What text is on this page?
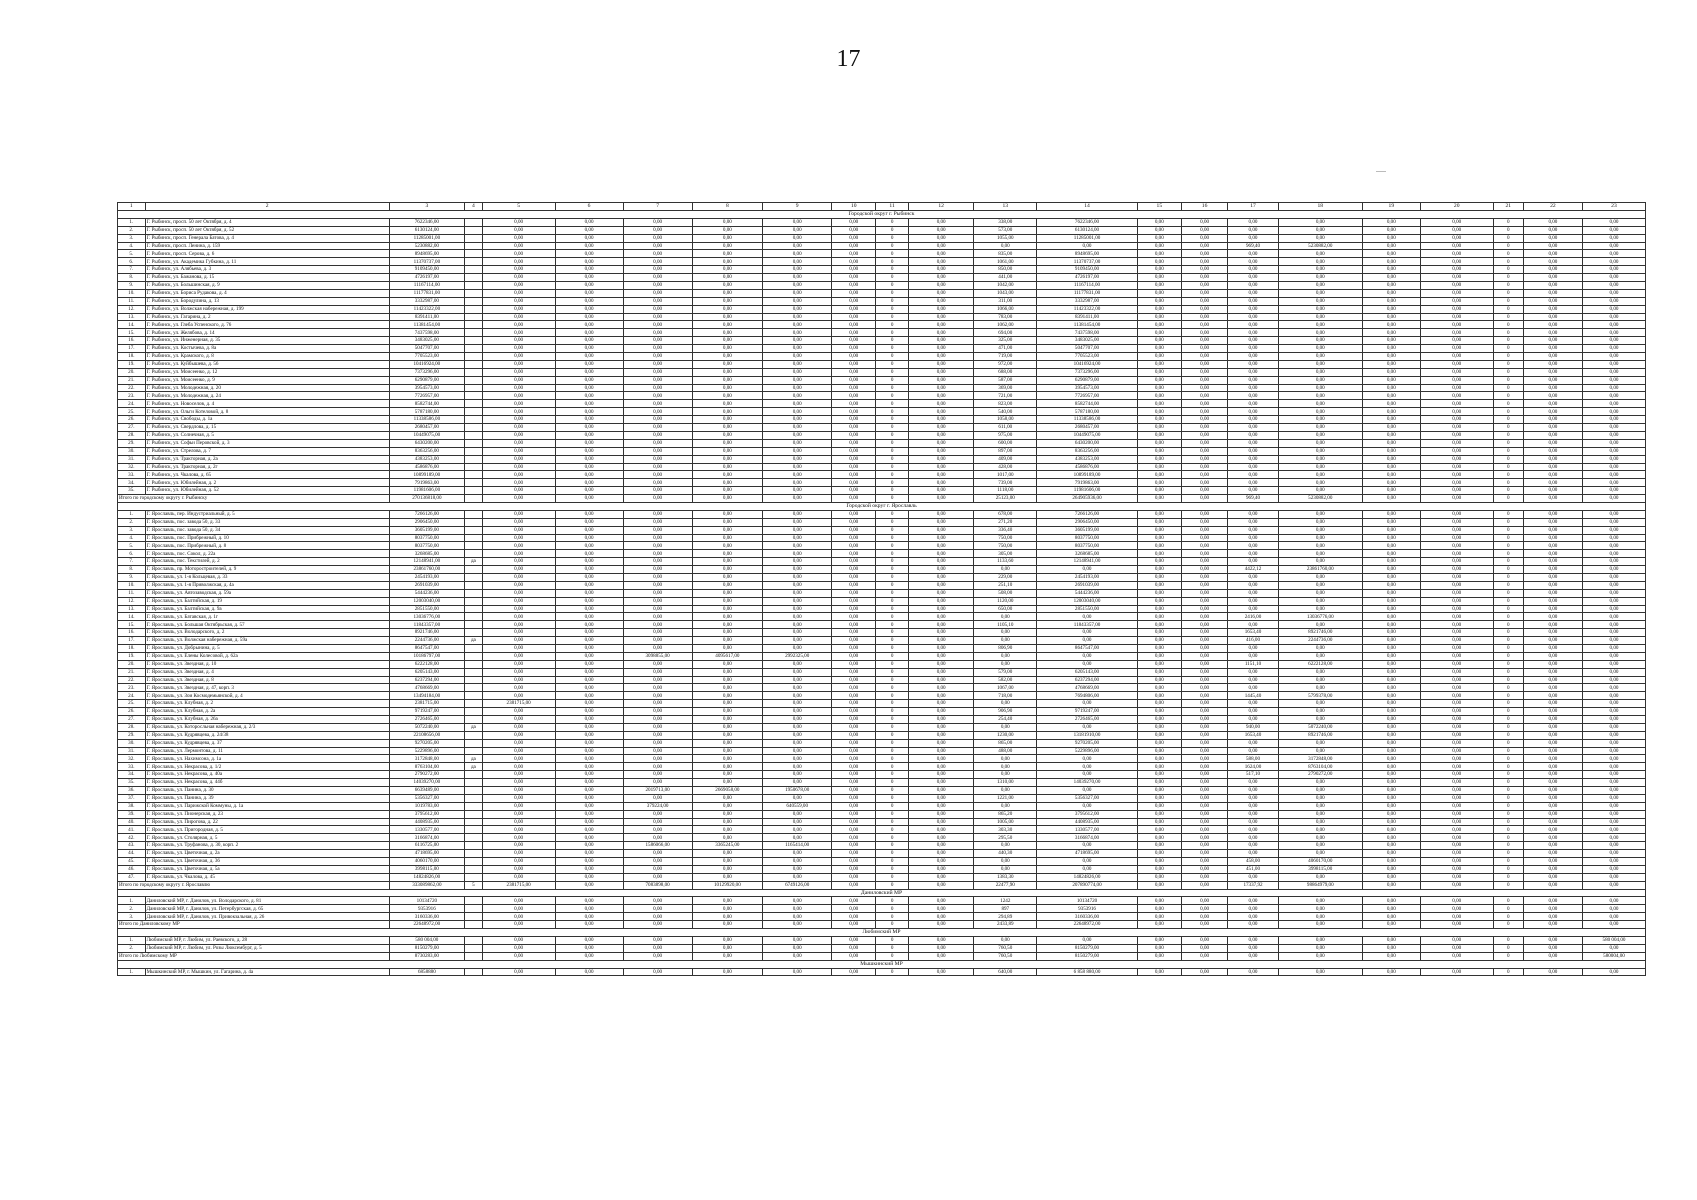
17
1	2	3	4	5	6	7	8	9	10	11	12	13	14	15	16	17	18	19	20	21	22	23
Городской округ г. Рыбинск																						
1.	Г. Рыбинск, просп. 50 лет Октября, д. 4	7622346,00		0,00	0,00	0,00	0,00	0,00	0,00	0	0,00	338,00	7622346,00	0,00	0,00	0,00	0,00	0,00	0,00	0	0,00	0,00
2.	Г. Рыбинск, просп. 50 лет Октября, д. 52	6130124,00		0,00	0,00	0,00	0,00	0,00	0,00	0	0,00	573,00	6130124,00	0,00	0,00	0,00	0,00	0,00	0,00	0	0,00	0,00
3.	Г. Рыбинск, просп. Генерала Батова, д. 4	11285001,00		0,00	0,00	0,00	0,00	0,00	0,00	0	0,00	1055,00	11285001,00	0,00	0,00	0,00	0,00	0,00	0,00	0	0,00	0,00
4.	Г. Рыбинск, просп. Ленина, д. 159	5230882,00		0,00	0,00	0,00	0,00	0,00	0,00	0	0,00	0,00	0,00	0,00	0,00	969,40	5230882,00	0,00	0,00	0	0,00	0,00
5.	Г. Рыбинск, просп. Серова, д. 6	8948695,00		0,00	0,00	0,00	0,00	0,00	0,00	0	0,00	835,00	8948695,00	0,00	0,00	0,00	0,00	0,00	0,00	0	0,00	0,00
6.	Г. Рыбинск, ул. Академика Губкина, д. 11	11370737,00		0,00	0,00	0,00	0,00	0,00	0,00	0	0,00	1061,00	11370737,00	0,00	0,00	0,00	0,00	0,00	0,00	0	0,00	0,00
7.	Г. Рыбинск, ул. Алябьева, д. 3	9109450,00		0,00	0,00	0,00	0,00	0,00	0,00	0	0,00	850,00	9109450,00	0,00	0,00	0,00	0,00	0,00	0,00	0	0,00	0,00
8.	Г. Рыбинск, ул. Бажанова, д. 15	4726197,00		0,00	0,00	0,00	0,00	0,00	0,00	0	0,00	441,00	4726197,00	0,00	0,00	0,00	0,00	0,00	0,00	0	0,00	0,00
9.	Г. Рыбинск, ул. Большинская, д. 9	11167114,00		0,00	0,00	0,00	0,00	0,00	0,00	0	0,00	1042,00	11167114,00	0,00	0,00	0,00	0,00	0,00	0,00	0	0,00	0,00
10.	Г. Рыбинск, ул. Бориса Рудакова, д. 4	11177831,00		0,00	0,00	0,00	0,00	0,00	0,00	0	0,00	1043,00	11177831,00	0,00	0,00	0,00	0,00	0,00	0,00	0	0,00	0,00
11.	Г. Рыбинск, ул. Бородулина, д. 13	3332987,00		0,00	0,00	0,00	0,00	0,00	0,00	0	0,00	311,00	3332987,00	0,00	0,00	0,00	0,00	0,00	0,00	0	0,00	0,00
12.	Г. Рыбинск, ул. Волжская набережная, д. 199	11423322,00		0,00	0,00	0,00	0,00	0,00	0,00	0	0,00	1066,00	11423322,00	0,00	0,00	0,00	0,00	0,00	0,00	0	0,00	0,00
13.	Г. Рыбинск, ул. Гагарина, д. 2	8391411,00		0,00	0,00	0,00	0,00	0,00	0,00	0	0,00	783,00	8391411,00	0,00	0,00	0,00	0,00	0,00	0,00	0	0,00	0,00
14.	Г. Рыбинск, ул. Глеба Успенского, д. 76	11381454,00		0,00	0,00	0,00	0,00	0,00	0,00	0	0,00	1062,00	11381454,00	0,00	0,00	0,00	0,00	0,00	0,00	0	0,00	0,00
15.	Г. Рыбинск, ул. Желябова, д. 14	7437598,00		0,00	0,00	0,00	0,00	0,00	0,00	0	0,00	694,00	7437598,00	0,00	0,00	0,00	0,00	0,00	0,00	0	0,00	0,00
16.	Г. Рыбинск, ул. Инженерная, д. 35	3483025,00		0,00	0,00	0,00	0,00	0,00	0,00	0	0,00	325,00	3483025,00	0,00	0,00	0,00	0,00	0,00	0,00	0	0,00	0,00
17.	Г. Рыбинск, ул. Костычева, д. 8а	5047707,00		0,00	0,00	0,00	0,00	0,00	0,00	0	0,00	471,00	5047707,00	0,00	0,00	0,00	0,00	0,00	0,00	0	0,00	0,00
18.	Г. Рыбинск, ул. Крамского, д. 8	7705523,00		0,00	0,00	0,00	0,00	0,00	0,00	0	0,00	719,00	7705523,00	0,00	0,00	0,00	0,00	0,00	0,00	0	0,00	0,00
19.	Г. Рыбинск, ул. Куйбышева, д. 56	10416924,00		0,00	0,00	0,00	0,00	0,00	0,00	0	0,00	972,00	10416924,00	0,00	0,00	0,00	0,00	0,00	0,00	0	0,00	0,00
20.	Г. Рыбинск, ул. Моисеенко, д. 12	7373296,00		0,00	0,00	0,00	0,00	0,00	0,00	0	0,00	688,00	7373296,00	0,00	0,00	0,00	0,00	0,00	0,00	0	0,00	0,00
21.	Г. Рыбинск, ул. Моисеенко, д. 9	6290879,00		0,00	0,00	0,00	0,00	0,00	0,00	0	0,00	587,00	6290879,00	0,00	0,00	0,00	0,00	0,00	0,00	0	0,00	0,00
22.	Г. Рыбинск, ул. Молодежная, д. 20	3954573,00		0,00	0,00	0,00	0,00	0,00	0,00	0	0,00	369,00	3954573,00	0,00	0,00	0,00	0,00	0,00	0,00	0	0,00	0,00
23.	Г. Рыбинск, ул. Молодежная, д. 24	7726957,00		0,00	0,00	0,00	0,00	0,00	0,00	0	0,00	721,00	7726957,00	0,00	0,00	0,00	0,00	0,00	0,00	0	0,00	0,00
24.	Г. Рыбинск, ул. Новоселов, д. 4	8582744,00		0,00	0,00	0,00	0,00	0,00	0,00	0	0,00	823,00	8582744,00	0,00	0,00	0,00	0,00	0,00	0,00	0	0,00	0,00
25.	Г. Рыбинск, ул. Ольги Котеловой, д. 8	5787180,00		0,00	0,00	0,00	0,00	0,00	0,00	0	0,00	540,00	5787180,00	0,00	0,00	0,00	0,00	0,00	0,00	0	0,00	0,00
26.	Г. Рыбинск, ул. Свободы, д. 1а	11338586,00		0,00	0,00	0,00	0,00	0,00	0,00	0	0,00	1058,00	11338586,00	0,00	0,00	0,00	0,00	0,00	0,00	0	0,00	0,00
27.	Г. Рыбинск, ул. Свердлова, д. 15	2680457,00		0,00	0,00	0,00	0,00	0,00	0,00	0	0,00	611,00	2680457,00	0,00	0,00	0,00	0,00	0,00	0,00	0	0,00	0,00
28.	Г. Рыбинск, ул. Солнечная, д. 5	10449075,00		0,00	0,00	0,00	0,00	0,00	0,00	0	0,00	975,00	10449075,00	0,00	0,00	0,00	0,00	0,00	0,00	0	0,00	0,00
29.	Г. Рыбинск, ул. Софьи Перовской, д. 3	6430200,00		0,00	0,00	0,00	0,00	0,00	0,00	0	0,00	600,00	6430200,00	0,00	0,00	0,00	0,00	0,00	0,00	0	0,00	0,00
30.	Г. Рыбинск, ул. Стрелова, д. 7	8363256,00		0,00	0,00	0,00	0,00	0,00	0,00	0	0,00	897,00	8363256,00	0,00	0,00	0,00	0,00	0,00	0,00	0	0,00	0,00
31.	Г. Рыбинск, ул. Тракторная, д. 2а	4383253,00		0,00	0,00	0,00	0,00	0,00	0,00	0	0,00	409,00	4383253,00	0,00	0,00	0,00	0,00	0,00	0,00	0	0,00	0,00
32.	Г. Рыбинск, ул. Тракторная, д. 2г	4586876,00		0,00	0,00	0,00	0,00	0,00	0,00	0	0,00	428,00	4586876,00	0,00	0,00	0,00	0,00	0,00	0,00	0	0,00	0,00
33.	Г. Рыбинск, ул. Чкалова, д. 65	10899189,00		0,00	0,00	0,00	0,00	0,00	0,00	0	0,00	1017,00	10899189,00	0,00	0,00	0,00	0,00	0,00	0,00	0	0,00	0,00
34.	Г. Рыбинск, ул. Юбилейная, д. 2	7919863,00		0,00	0,00	0,00	0,00	0,00	0,00	0	0,00	739,00	7919863,00	0,00	0,00	0,00	0,00	0,00	0,00	0	0,00	0,00
35.	Г. Рыбинск, ул. Юбилейная, д. 52	11981606,00		0,00	0,00	0,00	0,00	0,00	0,00	0	0,00	1118,00	11981606,00	0,00	0,00	0,00	0,00	0,00	0,00	0	0,00	0,00
Итого по городскому округу г. Рыбинску		270136818,00		0,00	0,00	0,00	0,00	0,00	0,00	0	0,00	25123,00	264905936,00	0,00	0,00	969,40	5230882,00	0,00	0,00	0	0,00	0,00
Городской округ г. Ярославль																						
1.	Г. Ярославль, пер. Индустриальный, д. 5	7266126,00		0,00	0,00	0,00	0,00	0,00	0,00	0	0,00	678,00	7266126,00	0,00	0,00	0,00	0,00	0,00	0,00	0	0,00	0,00
2.	Г. Ярославль, пос. завода 50, д. 33	2906450,00		0,00	0,00	0,00	0,00	0,00	0,00	0	0,00	271,20	2906450,00	0,00	0,00	0,00	0,00	0,00	0,00	0	0,00	0,00
3.	Г. Ярославль, пос. завода 50, д. 34	3605199,00		0,00	0,00	0,00	0,00	0,00	0,00	0	0,00	336,40	3605199,00	0,00	0,00	0,00	0,00	0,00	0,00	0	0,00	0,00
4.	Г. Ярославль, пос. Прибрежный, д. 10	8037750,00		0,00	0,00	0,00	0,00	0,00	0,00	0	0,00	750,00	8037750,00	0,00	0,00	0,00	0,00	0,00	0,00	0	0,00	0,00
5.	Г. Ярославль, пос. Прибрежный, д. 8	8037750,00		0,00	0,00	0,00	0,00	0,00	0,00	0	0,00	750,00	8037750,00	0,00	0,00	0,00	0,00	0,00	0,00	0	0,00	0,00
6.	Г. Ярославль, пос. Сокол, д. 22а	3268685,00		0,00	0,00	0,00	0,00	0,00	0,00	0	0,00	305,00	3268685,00	0,00	0,00	0,00	0,00	0,00	0,00	0	0,00	0,00
7.	Г. Ярославль, пос. Текстилей, д. 2	12148941,00	да	0,00	0,00	0,00	0,00	0,00	0,00	0	0,00	1133,60	12148941,00	0,00	0,00	0,00	0,00	0,00	0,00	0	0,00	0,00
8.	Г. Ярославль, пр. Моторостроителей, д. 9	23861760,00		0,00	0,00	0,00	0,00	0,00	0,00	0	0,00	0,00	0,00	0,00	0,00	4422,12	23861760,00	0,00	0,00	0	0,00	0,00
9.	Г. Ярославль, ул. 1-я Кольцевая, д. 33	2454193,00		0,00	0,00	0,00	0,00	0,00	0,00	0	0,00	229,00	2454193,00	0,00	0,00	0,00	0,00	0,00	0,00	0	0,00	0,00
10.	Г. Ярославль, ул. 1-я Приволжская, д. 4а	2691039,00		0,00	0,00	0,00	0,00	0,00	0,00	0	0,00	251,10	2691039,00	0,00	0,00	0,00	0,00	0,00	0,00	0	0,00	0,00
11.	Г. Ярославль, ул. Автозаводская, д. 59а	5444236,00		0,00	0,00	0,00	0,00	0,00	0,00	0	0,00	508,00	5444236,00	0,00	0,00	0,00	0,00	0,00	0,00	0	0,00	0,00
12.	Г. Ярославль, ул. Балтийская, д. 19	12003040,00		0,00	0,00	0,00	0,00	0,00	0,00	0	0,00	1120,00	12003040,00	0,00	0,00	0,00	0,00	0,00	0,00	0	0,00	0,00
13.	Г. Ярославль, ул. Балтийская, д. 9а	2851550,00		0,00	0,00	0,00	0,00	0,00	0,00	0	0,00	650,00	2851550,00	0,00	0,00	0,00	0,00	0,00	0,00	0	0,00	0,00
14.	Г. Ярославль, ул. Батавская, д. 1г	13036776,00		0,00	0,00	0,00	0,00	0,00	0,00	0	0,00	0,00	0,00	0,00	0,00	2416,00	13036776,00	0,00	0,00	0	0,00	0,00
15.	Г. Ярославль, ул. Большая Октябрьская, д. 57	11843357,00		0,00	0,00	0,00	0,00	0,00	0,00	0	0,00	1105,10	11843357,00	0,00	0,00	0,00	0,00	0,00	0,00	0	0,00	0,00
16.	Г. Ярославль, ул. Володарского, д. 2	8921746,00		0,00	0,00	0,00	0,00	0,00	0,00	0	0,00	0,00	0,00	0,00	0,00	1653,40	8921746,00	0,00	0,00	0	0,00	0,00
17.	Г. Ярославль, ул. Волжская набережная, д. 59а	2244736,00	да	0,00	0,00	0,00	0,00	0,00	0,00	0	0,00	0,00	0,00	0,00	0,00	416,00	2244736,00	0,00	0,00	0	0,00	0,00
18.	Г. Ярославль, ул. Добрынина, д. 5	8647547,00		0,00	0,00	0,00	0,00	0,00	0,00	0	0,00	806,90	8647547,00	0,00	0,00	0,00	0,00	0,00	0,00	0	0,00	0,00
19.	Г. Ярославль, ул. Елены Колесовой, д. 62а	10186797,00		0,00	0,00	3098855,00	4095617,00	2992325,00	0,00	0	0,00	0,00	0,00	0,00	0,00	0,00	0,00	0,00	0,00	0	0,00	0,00
20.	Г. Ярославль, ул. Звездная, д. 10	6222128,00		0,00	0,00	0,00	0,00	0,00	0,00	0	0,00	0,00	0,00	0,00	0,00	1151,10	6222128,00	0,00	0,00	0	0,00	0,00
21.	Г. Ярославль, ул. Звездная, д. 4	6205143,00		0,00	0,00	0,00	0,00	0,00	0,00	0	0,00	579,00	6205143,00	0,00	0,00	0,00	0,00	0,00	0,00	0	0,00	0,00
22.	Г. Ярославль, ул. Звездная, д. 8	6237294,00		0,00	0,00	0,00	0,00	0,00	0,00	0	0,00	582,00	6237294,00	0,00	0,00	0,00	0,00	0,00	0,00	0	0,00	0,00
23.	Г. Ярославль, ул. Звездная, д. 47, корп. 3	4768669,00		0,00	0,00	0,00	0,00	0,00	0,00	0	0,00	1067,00	4768669,00	0,00	0,00	0,00	0,00	0,00	0,00	0	0,00	0,00
24.	Г. Ярославль, ул. Зои Космодемьянской, д. 4	13494184,00		0,00	0,00	0,00	0,00	0,00	0,00	0	0,00	718,00	7694806,00	0,00	0,00	1445,40	5799378,00	0,00	0,00	0	0,00	0,00
25.	Г. Ярославль, ул. Клубная, д. 2	2381715,00		2381715,00	0,00	0,00	0,00	0,00	0,00	0	0,00	0,00	0,00	0,00	0,00	0,00	0,00	0,00	0,00	0	0,00	0,00
26.	Г. Ярославль, ул. Клубная, д. 2а	9719247,00		0,00	0,00	0,00	0,00	0,00	0,00	0	0,00	906,90	9719247,00	0,00	0,00	0,00	0,00	0,00	0,00	0	0,00	0,00
27.	Г. Ярославль, ул. Клубная, д. 26а	2726465,00		0,00	0,00	0,00	0,00	0,00	0,00	0	0,00	254,40	2726465,00	0,00	0,00	0,00	0,00	0,00	0,00	0	0,00	0,00
28.	Г. Ярославль, ул. Которосльная набережная, д. 2/3	5072240,00	да	0,00	0,00	0,00	0,00	0,00	0,00	0	0,00	0,00	0,00	0,00	0,00	940,00	5072240,00	0,00	0,00	0	0,00	0,00
29.	Г. Ярославль, ул. Кудрявцева, д. 24/38	22108656,00		0,00	0,00	0,00	0,00	0,00	0,00	0	0,00	1230,00	13181910,00	0,00	0,00	1653,40	8921746,00	0,00	0,00	0	0,00	0,00
30.	Г. Ярославль, ул. Кудрявцева, д. 37	9270205,00		0,00	0,00	0,00	0,00	0,00	0,00	0	0,00	865,00	9270205,00	0,00	0,00	0,00	0,00	0,00	0,00	0	0,00	0,00
31.	Г. Ярославль, ул. Лермонтова, д. 11	5229896,00		0,00	0,00	0,00	0,00	0,00	0,00	0	0,00	488,00	5229896,00	0,00	0,00	0,00	0,00	0,00	0,00	0	0,00	0,00
32.	Г. Ярославль, ул. Нахимсона, д. 1а	3172848,00	да	0,00	0,00	0,00	0,00	0,00	0,00	0	0,00	0,00	0,00	0,00	0,00	588,00	3172848,00	0,00	0,00	0	0,00	0,00
33.	Г. Ярославль, ул. Некрасова, д. 1/2	8763104,00	да	0,00	0,00	0,00	0,00	0,00	0,00	0	0,00	0,00	0,00	0,00	0,00	1624,00	8763104,00	0,00	0,00	0	0,00	0,00
34.	Г. Ярославль, ул. Некрасова, д. 40а	2790272,00		0,00	0,00	0,00	0,00	0,00	0,00	0	0,00	0,00	0,00	0,00	0,00	517,10	2790272,00	0,00	0,00	0	0,00	0,00
35.	Г. Ярославль, ул. Некрасова, д. 44б	14039270,00		0,00	0,00	0,00	0,00	0,00	0,00	0	0,00	1310,00	14039270,00	0,00	0,00	0,00	0,00	0,00	0,00	0	0,00	0,00
36.	Г. Ярославль, ул. Панина, д. 30	6639489,00		0,00	0,00	2019713,00	2669058,00	1950678,00	0,00	0	0,00	0,00	0,00	0,00	0,00	0,00	0,00	0,00	0,00	0	0,00	0,00
37.	Г. Ярославль, ул. Панина, д. 39	5356327,00		0,00	0,00	0,00	0,00	0,00	0,00	0	0,00	1221,00	5356327,00	0,00	0,00	0,00	0,00	0,00	0,00	0	0,00	0,00
38.	Г. Ярославль, ул. Парижской Коммуны, д. 1а	1019783,00		0,00	0,00	379224,00	0,00	640559,00	0,00	0	0,00	0,00	0,00	0,00	0,00	0,00	0,00	0,00	0,00	0	0,00	0,00
39.	Г. Ярославль, ул. Пионерская, д. 23	3795612,00		0,00	0,00	0,00	0,00	0,00	0,00	0	0,00	865,20	3795612,00	0,00	0,00	0,00	0,00	0,00	0,00	0	0,00	0,00
40.	Г. Ярославль, ул. Пирогова, д. 22	4408935,00		0,00	0,00	0,00	0,00	0,00	0,00	0	0,00	1005,00	4408935,00	0,00	0,00	0,00	0,00	0,00	0,00	0	0,00	0,00
41.	Г. Ярославль, ул. Пригородная, д. 5	1330577,00		0,00	0,00	0,00	0,00	0,00	0,00	0	0,00	303,30	1330577,00	0,00	0,00	0,00	0,00	0,00	0,00	0	0,00	0,00
42.	Г. Ярославль, ул. Столярная, д. 5	3166874,00		0,00	0,00	0,00	0,00	0,00	0,00	0	0,00	295,50	3166874,00	0,00	0,00	0,00	0,00	0,00	0,00	0	0,00	0,00
43.	Г. Ярославль, ул. Труфанова, д. 30, корп. 2	6116725,00		0,00	0,00	1586066,00	3365245,00	1165414,00	0,00	0	0,00	0,00	0,00	0,00	0,00	0,00	0,00	0,00	0,00	0	0,00	0,00
44.	Г. Ярославль, ул. Цветочная, д. 2а	4718695,00		0,00	0,00	0,00	0,00	0,00	0,00	0	0,00	440,30	4718695,00	0,00	0,00	0,00	0,00	0,00	0,00	0	0,00	0,00
45.	Г. Ярославль, ул. Цветочная, д. 36	4060170,00		0,00	0,00	0,00	0,00	0,00	0,00	0	0,00	0,00	0,00	0,00	0,00	458,00	4060170,00	0,00	0,00	0	0,00	0,00
46.	Г. Ярославль, ул. Цветочная, д. 5а	3998115,00		0,00	0,00	0,00	0,00	0,00	0,00	0	0,00	0,00	0,00	0,00	0,00	451,00	3998115,00	0,00	0,00	0	0,00	0,00
47.	Г. Ярославль, ул. Чкалова, д. 45	14824826,00		0,00	0,00	0,00	0,00	0,00	0,00	0	0,00	1383,30	14824826,00	0,00	0,00	0,00	0,00	0,00	0,00	0	0,00	0,00
Итого по городскому округу г. Ярославлю		333089862,00	5	2381715,00	0,00	7083898,00	10129920,00	6749126,00	0,00	0	0,00	22477,90	207890774,00	0,00	0,00	17337,92	98864979,00	0,00	0,00	0	0,00	0,00
Даниловский МР																						
1.	Даниловский МР, г. Данилов, ул. Володарского, д. 81	10134720		0,00	0,00	0,00	0,00	0,00	0,00	0	0,00	1242	10134720	0,00	0,00	0,00	0,00	0,00	0,00	0	0,00	0,00
2.	Даниловский МР, г. Данилов, ул. Петербургская, д. 65	9353916		0,00	0,00	0,00	0,00	0,00	0,00	0	0,00	897	9353916	0,00	0,00	0,00	0,00	0,00	0,00	0	0,00	0,00
3.	Даниловский МР, г. Данилов, ул. Привокзальная, д. 26	3160336,00		0,00	0,00	0,00	0,00	0,00	0,00	0	0,00	294,89	3160336,00	0,00	0,00	0,00	0,00	0,00	0,00	0	0,00	0,00
Итого по Даниловскому МР		22648972,00		0,00	0,00	0,00	0,00	0,00	0,00	0	0,00	2433,89	22648972,00	0,00	0,00	0,00	0,00	0,00	0,00	0	0,00	0,00
Любимский МР																						
1.	Любимский МР, г. Любим, ул. Раевского, д. 28	580 004,00		0,00	0,00	0,00	0,00	0,00	0,00	0	0,00	0,00	0,00	0,00	0,00	0,00	0,00	0,00	0,00	0	0,00	580 004,00
2.	Любимский МР, г. Любим, ул. Розы Люксембург, д. 5	8150279,00		0,00	0,00	0,00	0,00	0,00	0,00	0	0,00	760,50	8150279,00	0,00	0,00	0,00	0,00	0,00	0,00	0	0,00	0,00
Итого по Любимскому МР		8730283,00		0,00	0,00	0,00	0,00	0,00	0,00	0	0,00	760,50	8150279,00	0,00	0,00	0,00	0,00	0,00	0,00	0	0,00	580004,00
Мышкинский МР																						
1.	Мышкинский МР, г. Мышкин, ул. Гагарина, д. 4а	6858880		0,00	0,00	0,00	0,00	0,00	0,00	0	0,00	640,00	6 858 880,00	0,00	0,00	0,00	0,00	0,00	0,00	0	0,00	0,00
